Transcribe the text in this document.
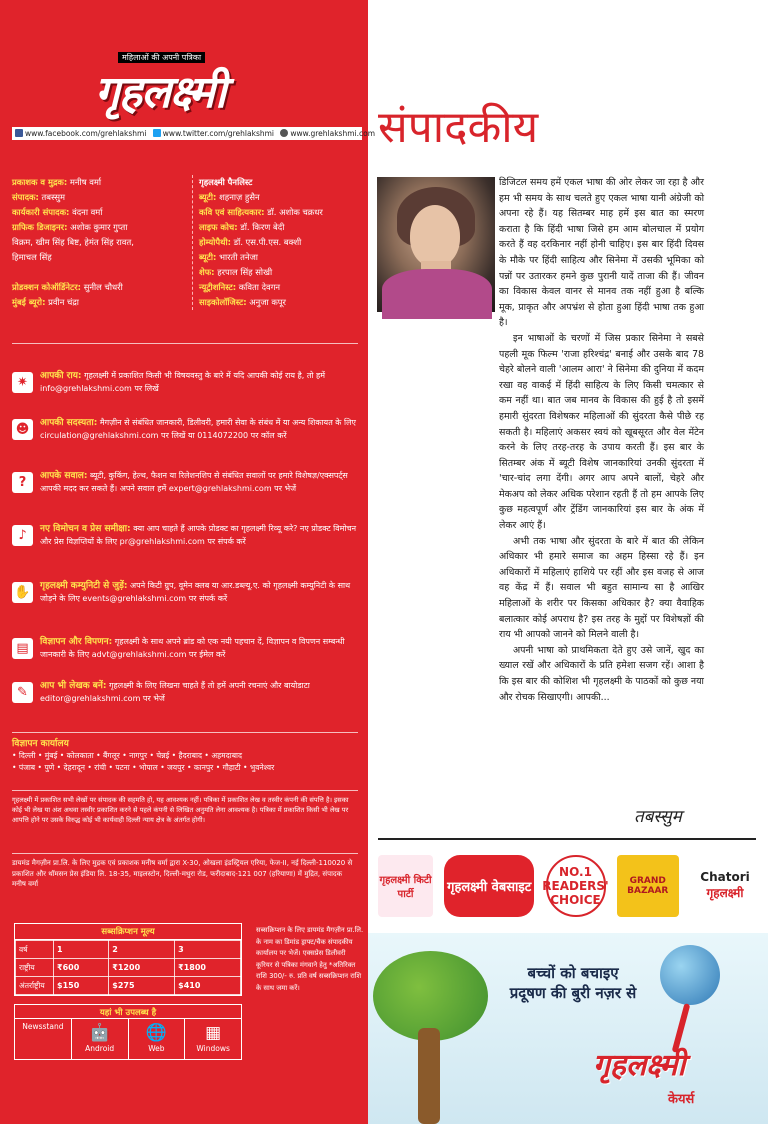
महिलाओं की अपनी पत्रिका
गृहलक्ष्मी
www.facebook.com/grehlakshmi www.twitter.com/grehlakshmi www.grehlakshmi.com
प्रकाशक व मुद्रक: मनीष वर्मा
संपादक: तबस्सुम
कार्यकारी संपादक: वंदना वर्मा
ग्राफिक डिजाइनर: अशोक कुमार गुप्ता
विक्रम, खीम सिंह बिष्ट, हेमंत सिंह रावत,
हिमाचल सिंह

प्रोडक्शन कोऑर्डिनेटर: सुनील चौधरी
मुंबई ब्यूरो: प्रवीन चंद्रा
गृहलक्ष्मी पैनलिस्ट
ब्यूटी: शहनाज़ हुसैन
कवि एवं साहित्यकार: डॉ. अशोक चक्रधर
लाइफ कोच: डॉ. किरण बेदी
होम्योपैथी: डॉ. एस.पी.एस. बक्शी
ब्यूटी: भारती तनेजा
शेफ: हरपाल सिंह सोखी
न्यूट्रीशनिस्ट: कविता देवगन
साइकोलॉजिस्ट: अनुजा कपूर
✷	आपकी राय: गृहलक्ष्मी में प्रकाशित किसी भी विषयवस्तु के बारे में यदि आपकी कोई राय है, तो हमें info@grehlakshmi.com पर लिखें
☻	आपकी सदस्यता: मैगज़ीन से संबंधित जानकारी, डिलीवरी, हमारी सेवा के संबंध में या अन्य शिकायत के लिए circulation@grehlakshmi.com पर लिखें या 0114072200 पर कॉल करें
?	आपके सवाल: ब्यूटी, कुकिंग, हेल्थ, फैशन या रिलेशनशिप से संबंधित सवालों पर हमारे विशेषज्ञ/एक्सपर्ट्स आपकी मदद कर सकते हैं। अपने सवाल हमें expert@grehlakshmi.com पर भेजें
♪	नए विमोचन व प्रेस समीक्षा: क्या आप चाहते हैं आपके प्रोडक्ट का गृहलक्ष्मी रिव्यू करे? नए प्रोडक्ट विमोचन और प्रेस विज्ञप्तियों के लिए pr@grehlakshmi.com पर संपर्क करें
✋ गृहलक्ष्मी कम्युनिटी से जुड़ें: अपने किटी ग्रुप, वूमेन क्लब या आर.डब्ल्यू.ए. को गृहलक्ष्मी कम्युनिटी के साथ जोड़ने के लिए events@grehlakshmi.com पर संपर्क करें
▤	विज्ञापन और विपणन: गृहलक्ष्मी के साथ अपने ब्रांड को एक नयी पहचान दें, विज्ञापन व विपणन सम्बन्धी जानकारी के लिए advt@grehlakshmi.com पर ईमेल करें
✎	आप भी लेखक बनें: गृहलक्ष्मी के लिए लिखना चाहते हैं तो हमें अपनी रचनाएं और बायोडाटा editor@grehlakshmi.com पर भेजें
विज्ञापन कार्यालय
• दिल्ली • मुंबई • कोलकाता • बैंगलूर • नागपुर • चेन्नई • हैदराबाद • अहमदाबाद
• पंजाब • पुणे • देहरादून • रांची • पटना • भोपाल • जयपुर • कानपुर • गौहाटी • भुवनेश्वर
गृहलक्ष्मी में प्रकाशित सभी लेखों पर संपादक की सहमति हो, यह आवश्यक नहीं। पत्रिका में प्रकाशित लेख व तस्वीर कंपनी की संपत्ति है। इसका कोई भी लेख या अंश अथवा तस्वीर प्रकाशित करने से पहले कंपनी से लिखित अनुमति लेना आवश्यक है। पत्रिका में प्रकाशित किसी भी लेख पर आपत्ति होने पर उसके विरुद्ध कोई भी कार्यवाही दिल्ली न्याय क्षेत्र के अंतर्गत होगी।
डायमंड मैगज़ीन प्रा.लि. के लिए मुद्रक एवं प्रकाशक मनीष वर्मा द्वारा X-30, ओखला इंडस्ट्रियल एरिया, फेज-II, नई दिल्ली-110020 से प्रकाशित और थॉमसन प्रेस इंडिया लि. 18-35, माइलस्टोन, दिल्ली-मथुरा रोड, फरीदाबाद-121 007 (हरियाणा) में मुद्रित, संपादक मनीष वर्मा
सब्सक्रिप्शन मूल्य
वर्ष	1	2	3
राष्ट्रीय	₹600	₹1200	₹1800
अंतर्राष्ट्रीय	$150	$275	$410
यहां भी उपलब्ध है
Newsstand	🤖
Android
🌐
Web
▦
Windows
सब्सक्रिप्शन के लिए डायमंड मैगज़ीन प्रा.लि. के नाम का डिमांड ड्राफ्ट/चैक संपादकीय कार्यालय पर भेजें। एक्सप्रेस डिलीवरी कूरियर से पत्रिका मंगवाने हेतु *अतिरिक्त राशि 300/- रु. प्रति वर्ष सब्सक्रिप्शन राशि के साथ जमा करें।
संपादकीय

डिजिटल समय हमें एकल भाषा की ओर लेकर जा रहा है और हम भी समय के साथ चलते हुए एकल भाषा यानी अंग्रेजी को अपना रहे हैं। यह सितम्बर माह हमें इस बात का स्मरण कराता है कि हिंदी भाषा जिसे हम आम बोलचाल में प्रयोग करते हैं वह दरकिनार नहीं होनी चाहिए। इस बार हिंदी दिवस के मौके पर हिंदी साहित्य और सिनेमा में उसकी भूमिका को पन्नों पर उतारकर हमने कुछ पुरानी यादें ताजा की हैं। जीवन का विकास केवल वानर से मानव तक नहीं हुआ है बल्कि मूक, प्राकृत और अपभ्रंश से होता हुआ हिंदी भाषा तक हुआ है।

इन भाषाओं के चरणों में जिस प्रकार सिनेमा ने सबसे पहली मूक फिल्म 'राजा हरिश्चंद्र' बनाई और उसके बाद 78 चेहरे बोलने वाली 'आलम आरा' ने सिनेमा की दुनिया में कदम रखा वह वाकई में हिंदी साहित्य के लिए किसी चमत्कार से कम नहीं था। बात जब मानव के विकास की हुई है तो इसमें हमारी सुंदरता विशेषकर महिलाओं की सुंदरता कैसे पीछे रह सकती है। महिलाएं अकसर स्वयं को खूबसूरत और वेल मेंटेन करने के लिए तरह-तरह के उपाय करती हैं। इस बार के सितम्बर अंक में ब्यूटी विशेष जानकारियां उनकी सुंदरता में 'चार-चांद लगा देंगी। अगर आप अपने बालों, चेहरे और मेकअप को लेकर अधिक परेशान रहती हैं तो हम आपके लिए कुछ महत्वपूर्ण और ट्रेंडिंग जानकारियां इस बार के अंक में लेकर आएं हैं।

अभी तक भाषा और सुंदरता के बारे में बात की लेकिन अधिकार भी हमारे समाज का अहम हिस्सा रहे हैं। इन अधिकारों में महिलाएं हाशिये पर रहीं और इस वजह से आज वह केंद्र में हैं। सवाल भी बहुत सामान्य सा है आखिर महिलाओं के शरीर पर किसका अधिकार है? क्या वैवाहिक बलात्कार कोई अपराध है? इस तरह के मुद्दों पर विशेषज्ञों की राय भी आपको जानने को मिलने वाली है।

अपनी भाषा को प्राथमिकता देते हुए उसे जानें, खुद का ख्याल रखें और अधिकारों के प्रति हमेशा सजग रहें। आशा है कि इस बार की कोशिश भी गृहलक्ष्मी के पाठकों को कुछ नया और रोचक सिखाएगी। आपकी...

तबस्सुम
गृहलक्ष्मी किटी पार्टी	गृहलक्ष्मी वेबसाइट
NO.1 READERS' CHOICE
GRAND BAZAAR
Chatori
गृहलक्ष्मी
बच्चों को बचाइए
प्रदूषण की बुरी नज़र से
गृहलक्ष्मी
केयर्स
